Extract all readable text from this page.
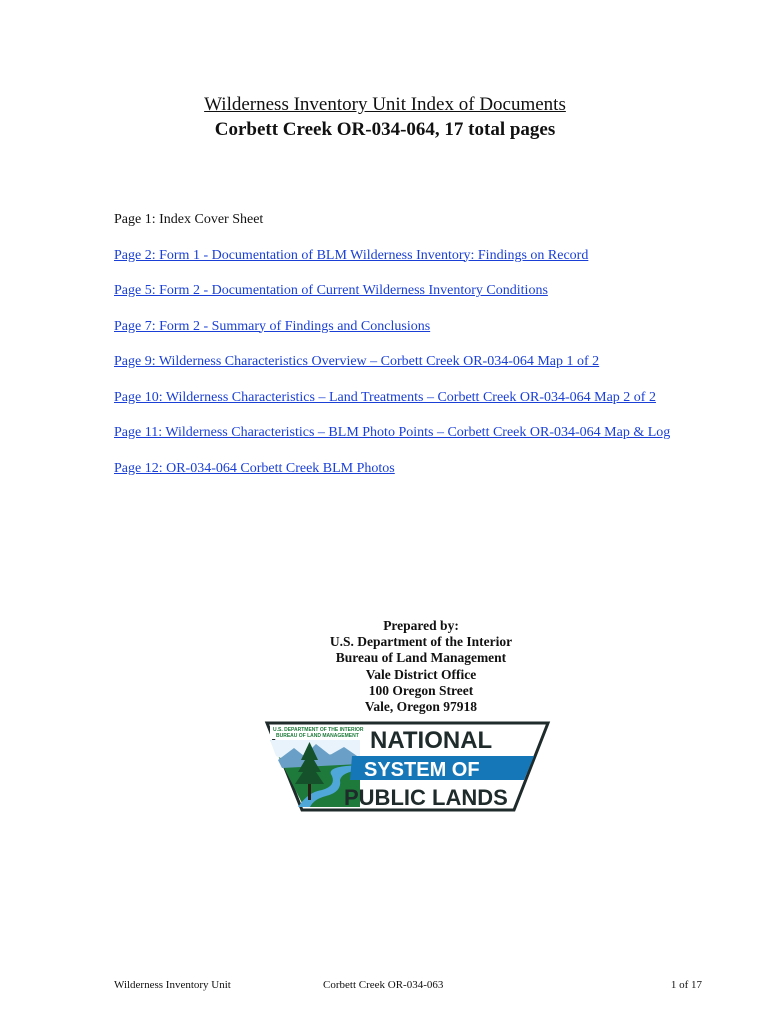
Wilderness Inventory Unit Index of Documents
Corbett Creek OR-034-064, 17 total pages
Page 1: Index Cover Sheet
Page 2: Form 1 - Documentation of BLM Wilderness Inventory: Findings on Record
Page 5: Form 2 - Documentation of Current Wilderness Inventory Conditions
Page 7: Form 2 - Summary of Findings and Conclusions
Page 9: Wilderness Characteristics Overview – Corbett Creek OR-034-064 Map 1 of 2
Page 10: Wilderness Characteristics – Land Treatments – Corbett Creek OR-034-064 Map 2 of 2
Page 11: Wilderness Characteristics – BLM Photo Points – Corbett Creek OR-034-064 Map & Log
Page 12: OR-034-064 Corbett Creek BLM Photos
Prepared by:
U.S. Department of the Interior
Bureau of Land Management
Vale District Office
100 Oregon Street
Vale, Oregon 97918
U.S. DEPARTMENT OF THE INTERIOR
BUREAU OF LAND MANAGEMENT NATIONAL
SYSTEM OF
PUBLIC LANDS
Wilderness Inventory Unit	Corbett Creek OR-034-063	1 of 17
